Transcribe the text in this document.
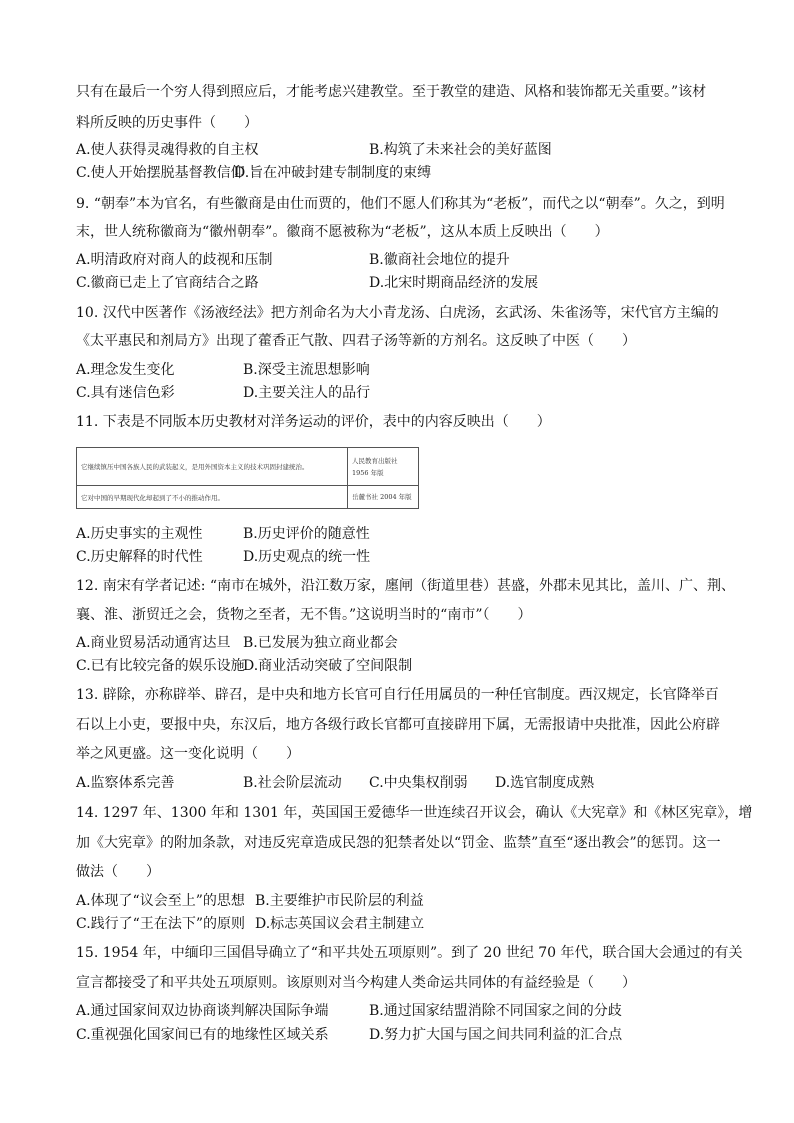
只有在最后一个穷人得到照应后，才能考虑兴建教堂。至于教堂的建造、风格和装饰都无关重要。”该材
料所反映的历史事件（　　）
A.使人获得灵魂得救的自主权	B.构筑了未来社会的美好蓝图
C.使人开始摆脱基督教信仰
D.旨在冲破封建专制制度的束缚
9. “朝奉”本为官名，有些徽商是由仕而贾的，他们不愿人们称其为“老板”，而代之以“朝奉”。久之，到明
末，世人统称徽商为“徽州朝奉”。徽商不愿被称为“老板”，这从本质上反映出（　　）
A.明清政府对商人的歧视和压制	B.徽商社会地位的提升
C.徽商已走上了官商结合之路	D.北宋时期商品经济的发展
10. 汉代中医著作《汤液经法》把方剂命名为大小青龙汤、白虎汤，玄武汤、朱雀汤等，宋代官方主编的
《太平惠民和剂局方》出现了藿香正气散、四君子汤等新的方剂名。这反映了中医（　　）
A.理念发生变化	B.深受主流思想影响
C.具有迷信色彩	D.主要关注人的品行
11. 下表是不同版本历史教材对洋务运动的评价，表中的内容反映出（　　）
它继续镇压中国各族人民的武装起义，是用外国资本主义的技术巩固封建统治。	人民教育出版社 1956 年版
它对中国的早期现代化却起到了不小的推动作用。	岳麓书社 2004 年版
A.历史事实的主观性	B.历史评价的随意性
C.历史解释的时代性	D.历史观点的统一性
12. 南宋有学者记述: “南市在城外，沿江数万家，廛闸（街道里巷）甚盛，外郡未见其比，盖川、广、荆、
襄、淮、浙贸迁之会，货物之至者，无不售。”这说明当时的“南市”（　　）
A.商业贸易活动通宵达旦 B.已发展为独立商业都会
C.已有比较完备的娱乐设施
D.商业活动突破了空间限制
13. 辟除，亦称辟举、辟召，是中央和地方长官可自行任用属员的一种任官制度。西汉规定，长官降举百
石以上小吏，要报中央，东汉后，地方各级行政长官都可直接辟用下属，无需报请中央批准，因此公府辟
举之风更盛。这一变化说明（　　）
A.监察体系完善	B.社会阶层流动 C.中央集权削弱 D.选官制度成熟
14. 1297 年、1300 年和 1301 年，英国国王爱德华一世连续召开议会，确认《大宪章》和《林区宪章》，增
加《大宪章》的附加条款，对违反宪章造成民怨的犯禁者处以“罚金、监禁”直至“逐出教会”的惩罚。这一
做法（　　）
A.体现了“议会至上”的思想 B.主要维护市民阶层的利益
C.践行了“王在法下”的原则 D.标志英国议会君主制建立
15. 1954 年，中缅印三国倡导确立了“和平共处五项原则”。到了 20 世纪 70 年代，联合国大会通过的有关
宣言都接受了和平共处五项原则。该原则对当今构建人类命运共同体的有益经验是（　　）
A.通过国家间双边协商谈判解决国际争端	B.通过国家结盟消除不同国家之间的分歧
C.重视强化国家间已有的地缘性区域关系	D.努力扩大国与国之间共同利益的汇合点
